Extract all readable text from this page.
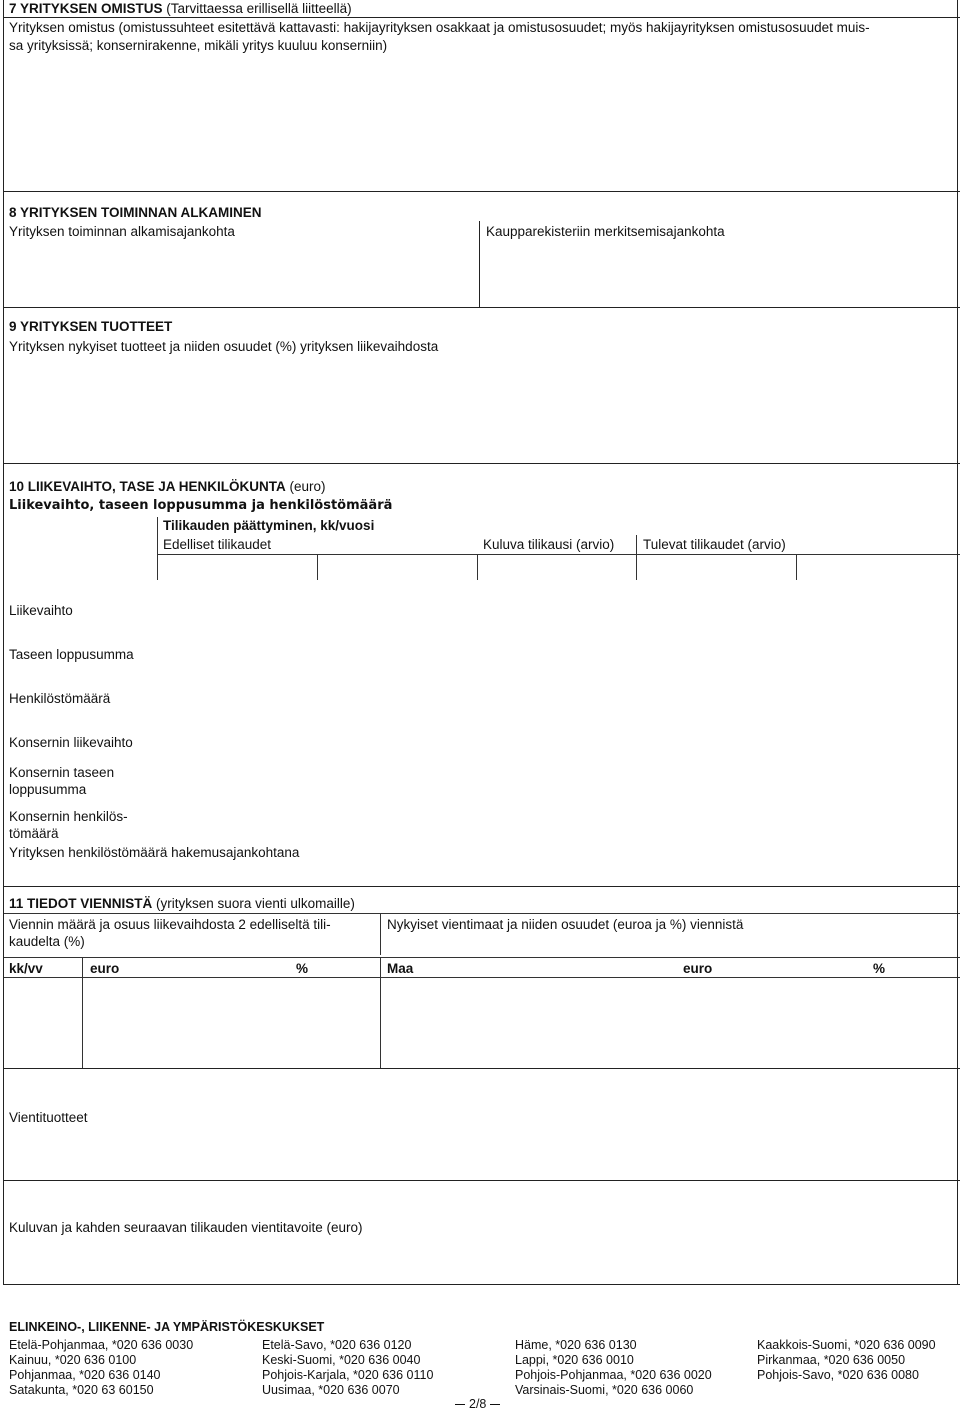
7 YRITYKSEN OMISTUS (Tarvittaessa erillisellä liitteellä)
Yrityksen omistus (omistussuhteet esitettävä kattavasti: hakijayrityksen osakkaat ja omistusosuudet; myös hakijayrityksen omistusosuudet muis-
sa yrityksissä; konsernirakenne, mikäli yritys kuuluu konserniin)
8 YRITYKSEN TOIMINNAN ALKAMINEN
Yrityksen toiminnan alkamisajankohta	Kaupparekisteriin merkitsemisajankohta
9 YRITYKSEN TUOTTEET
Yrityksen nykyiset tuotteet ja niiden osuudet (%) yrityksen liikevaihdosta
10 LIIKEVAIHTO, TASE JA HENKILÖKUNTA (euro)
Liikevaihto, taseen loppusumma ja henkilöstömäärä
Tilikauden päättyminen, kk/vuosi
Edelliset tilikaudet	Kuluva tilikausi (arvio) Tulevat tilikaudet (arvio)
Liikevaihto
Taseen loppusumma
Henkilöstömäärä
Konsernin liikevaihto
Konsernin taseen loppusumma
Konsernin henkilös-tömäärä
Yrityksen henkilöstömäärä hakemusajankohtana
11 TIEDOT VIENNISTÄ (yrityksen suora vienti ulkomaille)
Viennin määrä ja osuus liikevaihdosta 2 edelliseltä tili-kaudelta (%)
Nykyiset vientimaat ja niiden osuudet (euroa ja %) viennistä
kk/vv	euro	%	Maa	euro	%
Vientituotteet
Kuluvan ja kahden seuraavan tilikauden vientitavoite (euro)
ELINKEINO-, LIIKENNE- JA YMPÄRISTÖKESKUKSET
Etelä-Pohjanmaa, *020 636 0030	Etelä-Savo, *020 636 0120	Häme, *020 636 0130	Kaakkois-Suomi, *020 636 0090
Kainuu, *020 636 0100	Keski-Suomi, *020 636 0040	Lappi, *020 636 0010	Pirkanmaa, *020 636 0050
Pohjanmaa, *020 636 0140	Pohjois-Karjala, *020 636 0110	Pohjois-Pohjanmaa, *020 636 0020	Pohjois-Savo, *020 636 0080
Satakunta, *020 63 60150	Uusimaa, *020 636 0070	Varsinais-Suomi, *020 636 0060
2/8
